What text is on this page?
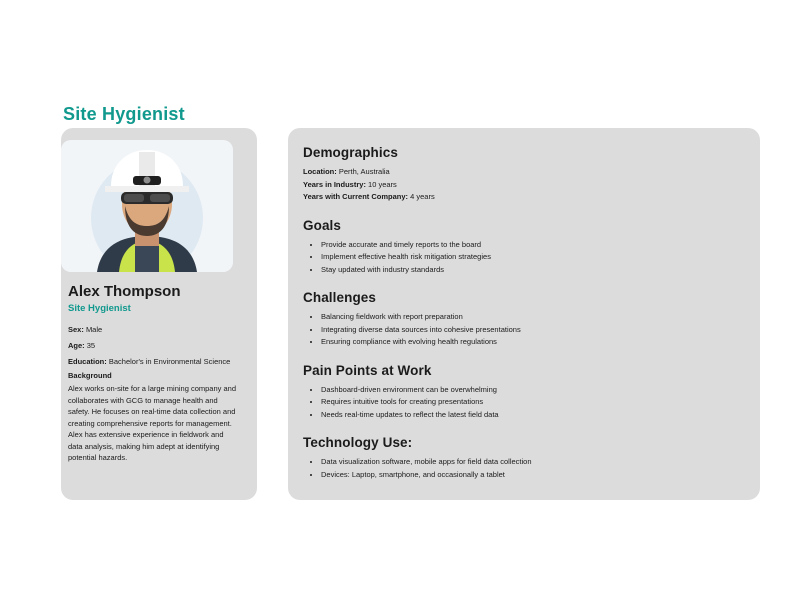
Site Hygienist
Alex Thompson
Site Hygienist
Sex: Male
Age: 35
Education: Bachelor's in Environmental Science
Background
Alex works on-site for a large mining company and collaborates with GCG to manage health and safety. He focuses on real-time data collection and creating comprehensive reports for management. Alex has extensive experience in fieldwork and data analysis, making him adept at identifying potential hazards.
Demographics
Location: Perth, Australia
Years in Industry: 10 years
Years with Current Company: 4 years
Goals
• Provide accurate and timely reports to the board
• Implement effective health risk mitigation strategies
• Stay updated with industry standards
Challenges
• Balancing fieldwork with report preparation
• Integrating diverse data sources into cohesive presentations
• Ensuring compliance with evolving health regulations
Pain Points at Work
• Dashboard-driven environment can be overwhelming
• Requires intuitive tools for creating presentations
• Needs real-time updates to reflect the latest field data
Technology Use:
• Data visualization software, mobile apps for field data collection
• Devices: Laptop, smartphone, and occasionally a tablet
